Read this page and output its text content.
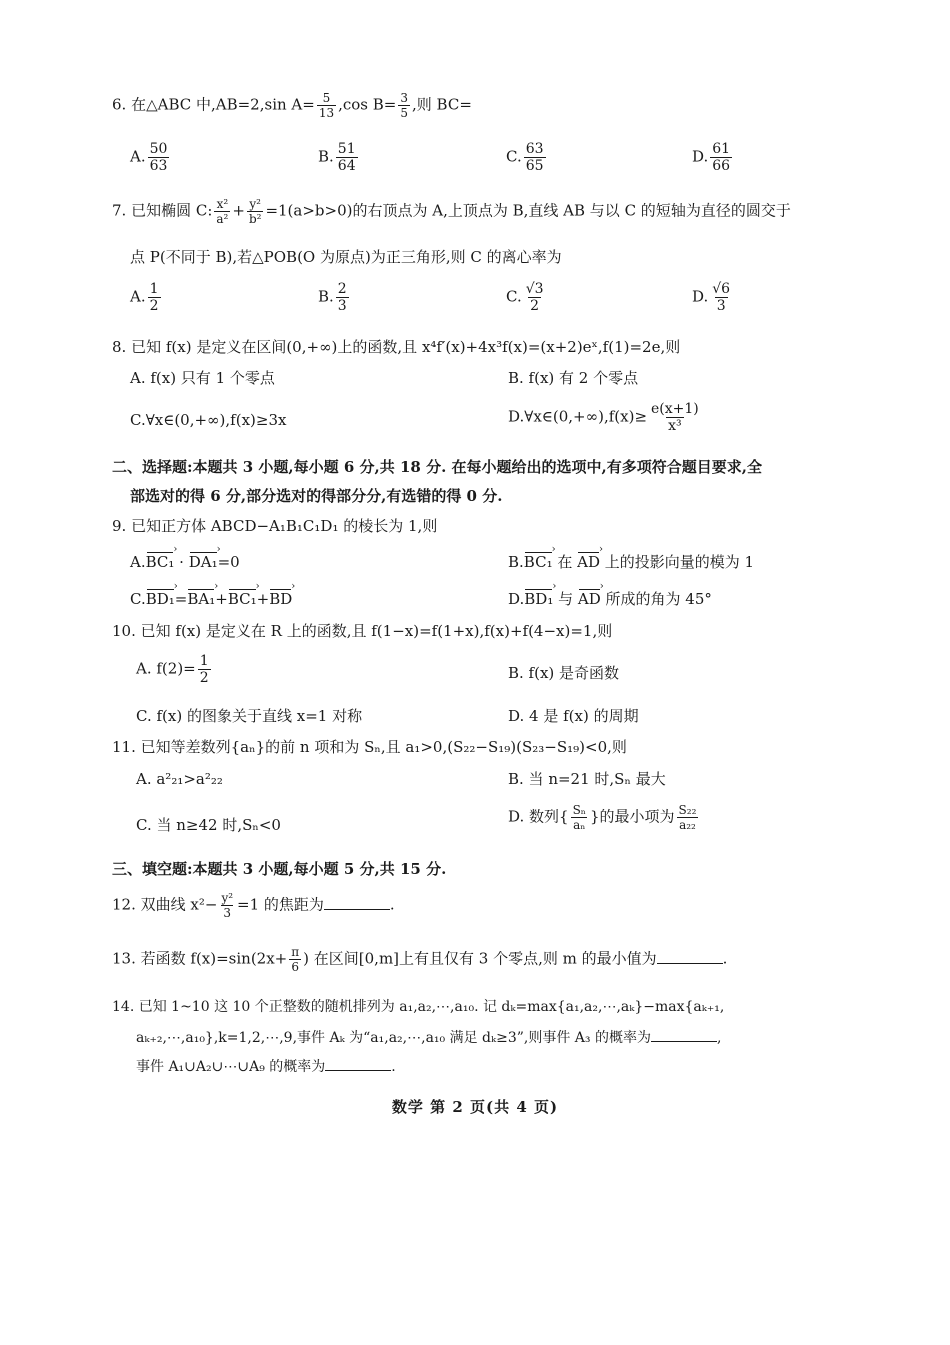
6. 在△ABC 中,AB=2,sin $A= \frac{5}{13} ,\cos$ $B= \frac{3}{5}$ ,则 BC=
A. $\frac{50}{63}$	B. $\frac{51}{64}$	C. $\frac{63}{65}$	D. $\frac{61}{66}$
7. 已知椭圆 C: $\frac{\text{x²}}{\text{a²}} + \frac{\text{y²}}{\text{b²}} =1(a>b>0)$的右顶点为 A,上顶点为 B,直线 AB 与以 C 的短轴为直径的圆交于
点 P(不同于 B),若△POB(O 为原点)为正三角形,则 C 的离心率为
A. $\frac{1}{2}$	B. $\frac{2}{3}$	C. $\frac{√3}{2}$	D. $\frac{√6}{3}$
8. 已知 f(x) 是定义在区间(0,+∞)上的函数,且 x⁴f′(x)+4x³f(x)=(x+2)eˣ,f(1)=2e,则
A. f(x) 只有 1 个零点	B. f(x) 有 2 个零点
C.∀x∈(0,+∞),f(x)≥3x	D.∀x∈(0,+∞),f(x)≥ $\frac{e(x+1)}{\text{x³}}$
二、选择题:本题共 3 小题,每小题 6 分,共 18 分. 在每小题给出的选项中,有多项符合题目要求,全
部选对的得 6 分,部分选对的得部分分,有选错的得 0 分.
9. 已知正方体 ABCD−A₁B₁C₁D₁ 的棱长为 1,则
A.BC₁ › · DA₁ ›=0	B.BC₁ › 在 AD › 上的投影向量的模为 1
C.BD₁ ›=BA₁ ›+BC₁ ›+BD ›	D.BD₁ › 与 AD › 所成的角为 45°
10. 已知 f(x) 是定义在 R 上的函数,且 f(1−x)=f(1+x),f(x)+f(4−x)=1,则
A. $f(2)= \frac{1}{2}$	B. f(x) 是奇函数
C. f(x) 的图象关于直线 x=1 对称	D. 4 是 f(x) 的周期
11. 已知等差数列{aₙ}的前 n 项和为 Sₙ,且 a₁>0,(S₂₂−S₁₉)(S₂₃−S₁₉)<0,则
A. a²₂₁>a²₂₂	B. 当 n=21 时,Sₙ 最大
C. 当 n≥42 时,Sₙ<0	D. 数列{ $\frac{\text{Sₙ}}{\text{aₙ}}$ }的最小项为 $\frac{\text{S₂₂}}{\text{a₂₂}}$
三、填空题:本题共 3 小题,每小题 5 分,共 15 分.
12. 双曲线 $x^2- \frac{\text{y²}}{3} =1$ 的焦距为	.
13. 若函数 $f(x)=\sin(2x+ \frac{\pi}{6}$ ) 在区间[0,m]上有且仅有 3 个零点,则 m 的最小值为	.
14. 已知 1~10 这 10 个正整数的随机排列为 a₁,a₂,⋯,a₁₀. 记 dₖ=max{a₁,a₂,⋯,aₖ}−max{aₖ₊₁,
aₖ₊₂,⋯,a₁₀},k=1,2,⋯,9,事件 Aₖ 为“a₁,a₂,⋯,a₁₀ 满足 dₖ≥3”,则事件 A₃ 的概率为	,
事件 A₁∪A₂∪⋯∪A₉ 的概率为	.
数学 第 2 页(共 4 页)
